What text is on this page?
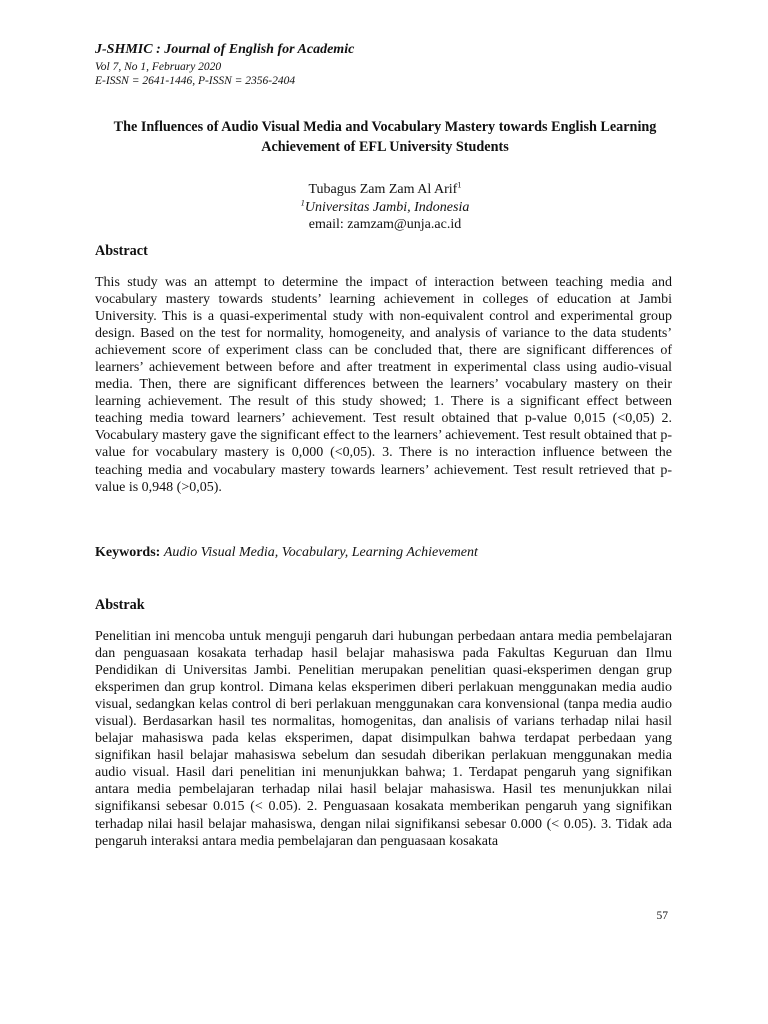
J-SHMIC : Journal of English for Academic
Vol 7, No 1, February 2020
E-ISSN = 2641-1446, P-ISSN = 2356-2404
The Influences of Audio Visual Media and Vocabulary Mastery towards English Learning Achievement of EFL University Students
Tubagus Zam Zam Al Arif$^1$
$^1$Universitas Jambi, Indonesia
email: zamzam@unja.ac.id
Abstract

This study was an attempt to determine the impact of interaction between teaching media and vocabulary mastery towards students’ learning achievement in colleges of education at Jambi University. This is a quasi-experimental study with non-equivalent control and experimental group design. Based on the test for normality, homogeneity, and analysis of variance to the data students’ achievement score of experiment class can be concluded that, there are significant differences of learners’ achievement between before and after treatment in experimental class using audio-visual media. Then, there are significant differences between the learners’ vocabulary mastery on their learning achievement. The result of this study showed; 1. There is a significant effect between teaching media toward learners’ achievement. Test result obtained that p-value 0,015 (<0,05) 2. Vocabulary mastery gave the significant effect to the learners’ achievement. Test result obtained that p-value for vocabulary mastery is 0,000 (<0,05). 3. There is no interaction influence between the teaching media and vocabulary mastery towards learners’ achievement. Test result retrieved that p-value is 0,948 (>0,05).

Keywords: Audio Visual Media, Vocabulary, Learning Achievement
Abstrak

Penelitian ini mencoba untuk menguji pengaruh dari hubungan perbedaan antara media pembelajaran dan penguasaan kosakata terhadap hasil belajar mahasiswa pada Fakultas Keguruan dan Ilmu Pendidikan di Universitas Jambi. Penelitian merupakan penelitian quasi-eksperimen dengan grup eksperimen dan grup kontrol. Dimana kelas eksperimen diberi perlakuan menggunakan media audio visual, sedangkan kelas control di beri perlakuan menggunakan cara konvensional (tanpa media audio visual). Berdasarkan hasil tes normalitas, homogenitas, dan analisis of varians terhadap nilai hasil belajar mahasiswa pada kelas eksperimen, dapat disimpulkan bahwa terdapat perbedaan yang signifikan hasil belajar mahasiswa sebelum dan sesudah diberikan perlakuan menggunakan media audio visual. Hasil dari penelitian ini menunjukkan bahwa; 1. Terdapat pengaruh yang signifikan antara media pembelajaran terhadap nilai hasil belajar mahasiswa. Hasil tes menunjukkan nilai signifikansi sebesar 0.015 (< 0.05). 2. Penguasaan kosakata memberikan pengaruh yang signifikan terhadap nilai hasil belajar mahasiswa, dengan nilai signifikansi sebesar 0.000 (< 0.05). 3. Tidak ada pengaruh interaksi antara media pembelajaran dan penguasaan kosakata

57
